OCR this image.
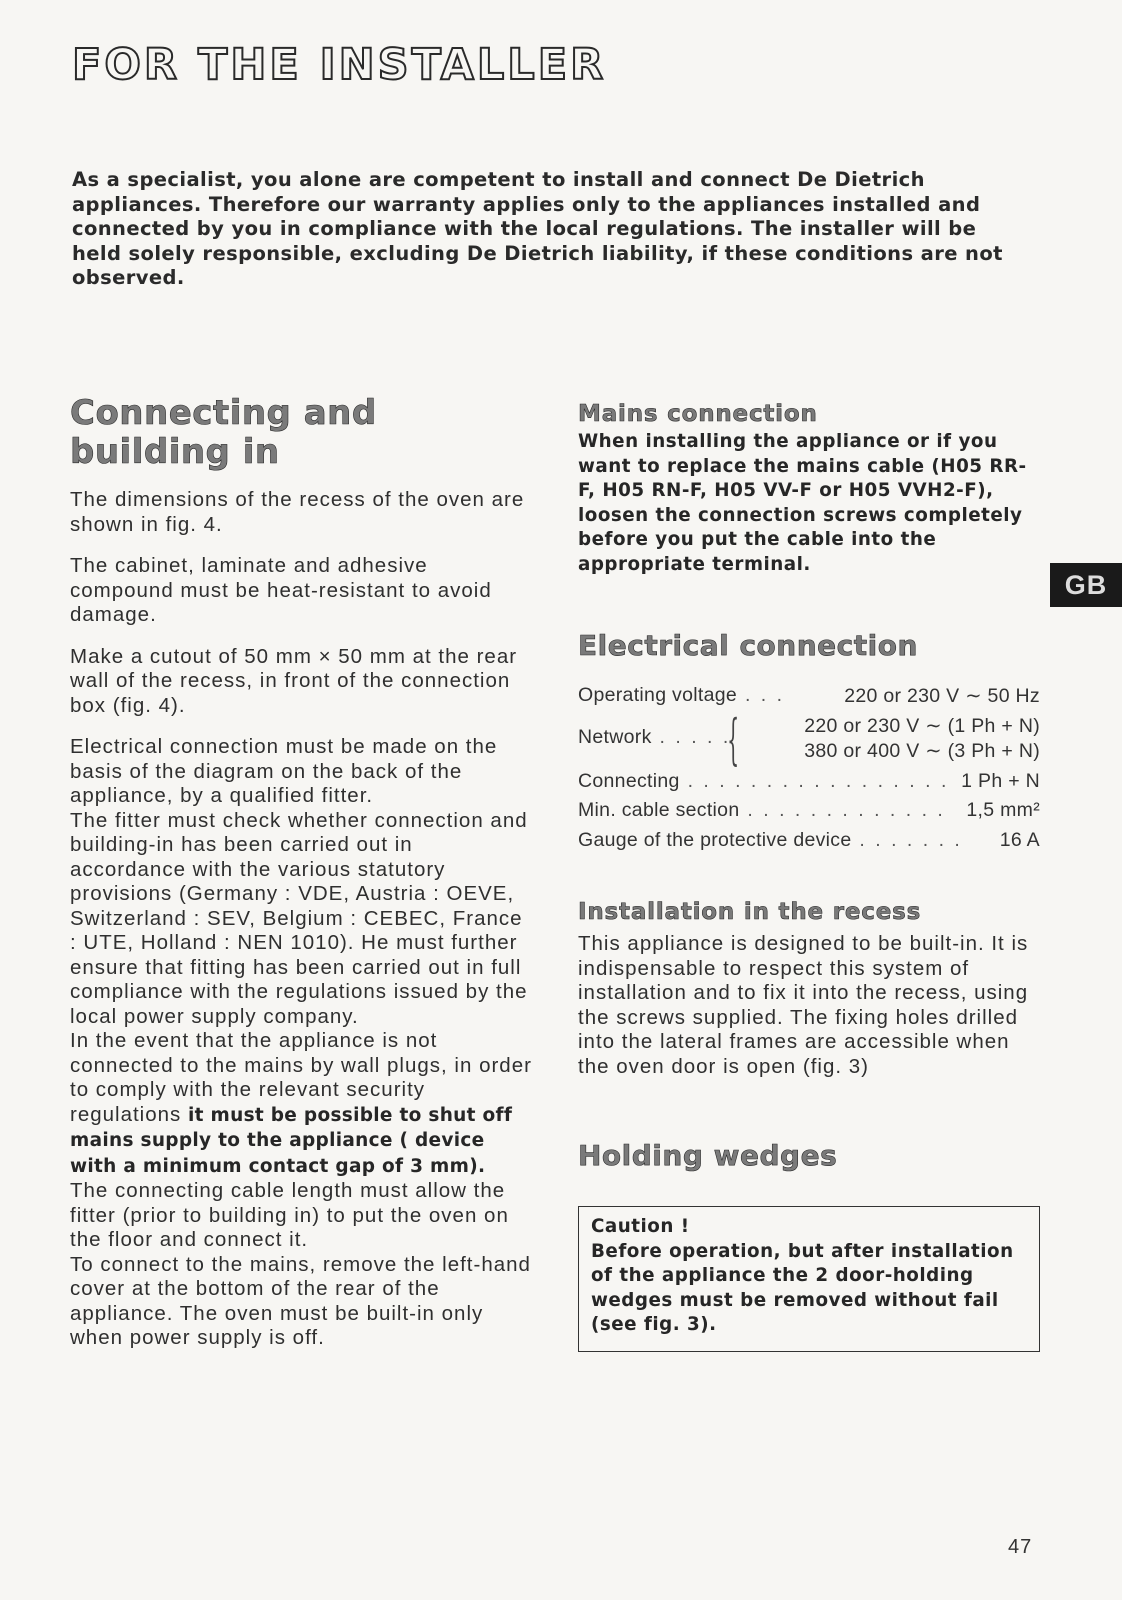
FOR THE INSTALLER

As a specialist, you alone are competent to install and connect De Dietrich appliances. Therefore our warranty applies only to the appliances installed and connected by you in compliance with the local regulations. The installer will be held solely responsible, excluding De Dietrich liability, if these conditions are not observed.

Connecting and
building in

The dimensions of the recess of the oven are shown in fig. 4.

The cabinet, laminate and adhesive compound must be heat-resistant to avoid damage.

Make a cutout of 50 mm × 50 mm at the rear wall of the recess, in front of the connection box (fig. 4).

Electrical connection must be made on the basis of the diagram on the back of the appliance, by a qualified fitter.

The fitter must check whether connection and building-in has been carried out in accordance with the various statutory provisions (Germany : VDE, Austria : OEVE, Switzerland : SEV, Belgium : CEBEC, France : UTE, Holland : NEN 1010). He must further ensure that fitting has been carried out in full compliance with the regulations issued by the local power supply company.

In the event that the appliance is not connected to the mains by wall plugs, in order to comply with the relevant security regulations it must be possible to shut off mains supply to the appliance ( device with a minimum contact gap of 3 mm).

The connecting cable length must allow the fitter (prior to building in) to put the oven on the floor and connect it.

To connect to the mains, remove the left-hand cover at the bottom of the rear of the appliance. The oven must be built-in only when power supply is off.

Mains connection

When installing the appliance or if you want to replace the mains cable (H05 RR-F, H05 RN-F, H05 VV-F or H05 VVH2-F), loosen the connection screws completely before you put the cable into the appropriate terminal.

Electrical connection
Operating voltage . . .	220 or 230 V ∼ 50 Hz
Network . . . . .
{	220 or 230 V ∼ (1 Ph + N)
380 or 400 V ∼ (3 Ph + N)
Connecting . . . . . . . . . . . . . . . . . 1 Ph + N
Min. cable section . . . . . . . . . . . . . 1,5 mm²
Gauge of the protective device . . . . . . . 16 A
Installation in the recess

This appliance is designed to be built-in. It is indispensable to respect this system of installation and to fix it into the recess, using the screws supplied. The fixing holes drilled into the lateral frames are accessible when the oven door is open (fig. 3)

Holding wedges

Caution !

Before operation, but after installation of the appliance the 2 door-holding wedges must be removed without fail (see fig. 3).

GB
47
